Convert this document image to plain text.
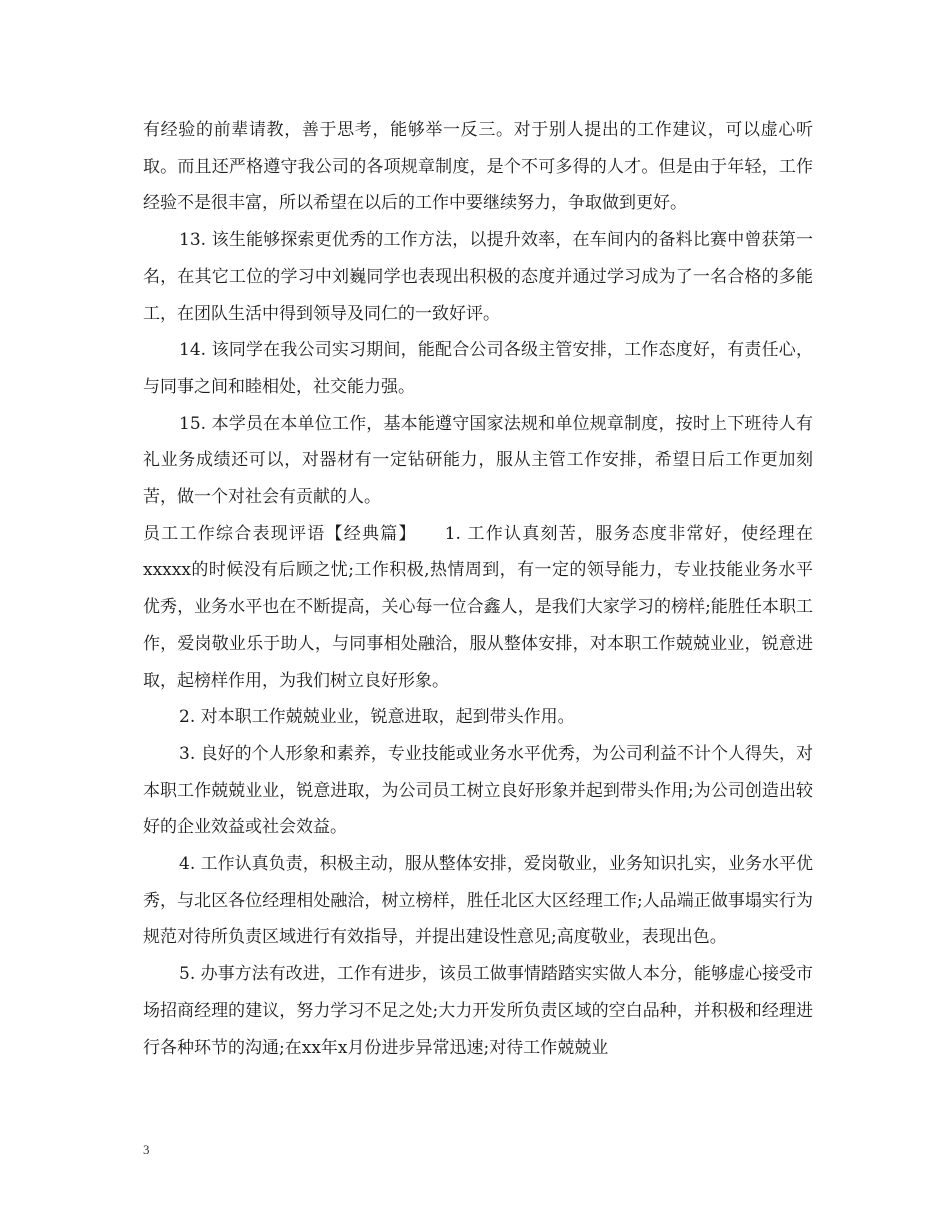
有经验的前辈请教，善于思考，能够举一反三。对于别人提出的工作建议，可以虚心听取。而且还严格遵守我公司的各项规章制度，是个不可多得的人才。但是由于年轻，工作经验不是很丰富，所以希望在以后的工作中要继续努力，争取做到更好。

13. 该生能够探索更优秀的工作方法，以提升效率，在车间内的备料比赛中曾获第一名，在其它工位的学习中刘巍同学也表现出积极的态度并通过学习成为了一名合格的多能工，在团队生活中得到领导及同仁的一致好评。

14. 该同学在我公司实习期间，能配合公司各级主管安排，工作态度好，有责任心，与同事之间和睦相处，社交能力强。

15. 本学员在本单位工作，基本能遵守国家法规和单位规章制度，按时上下班待人有礼业务成绩还可以，对器材有一定钻研能力，服从主管工作安排，希望日后工作更加刻苦，做一个对社会有贡献的人。

员工工作综合表现评语【经典篇】　　1. 工作认真刻苦，服务态度非常好，使经理在xxxxx的时候没有后顾之忧;工作积极,热情周到，有一定的领导能力，专业技能业务水平优秀，业务水平也在不断提高，关心每一位合鑫人，是我们大家学习的榜样;能胜任本职工作，爱岗敬业乐于助人，与同事相处融洽，服从整体安排，对本职工作兢兢业业，锐意进取，起榜样作用，为我们树立良好形象。

2. 对本职工作兢兢业业，锐意进取，起到带头作用。

3. 良好的个人形象和素养，专业技能或业务水平优秀，为公司利益不计个人得失，对本职工作兢兢业业，锐意进取，为公司员工树立良好形象并起到带头作用;为公司创造出较好的企业效益或社会效益。

4. 工作认真负责，积极主动，服从整体安排，爱岗敬业，业务知识扎实，业务水平优秀，与北区各位经理相处融洽，树立榜样，胜任北区大区经理工作;人品端正做事塌实行为规范对待所负责区域进行有效指导，并提出建设性意见;高度敬业，表现出色。

5. 办事方法有改进，工作有进步，该员工做事情踏踏实实做人本分，能够虚心接受市场招商经理的建议，努力学习不足之处;大力开发所负责区域的空白品种，并积极和经理进行各种环节的沟通;在xx年x月份进步异常迅速;对待工作兢兢业

3
